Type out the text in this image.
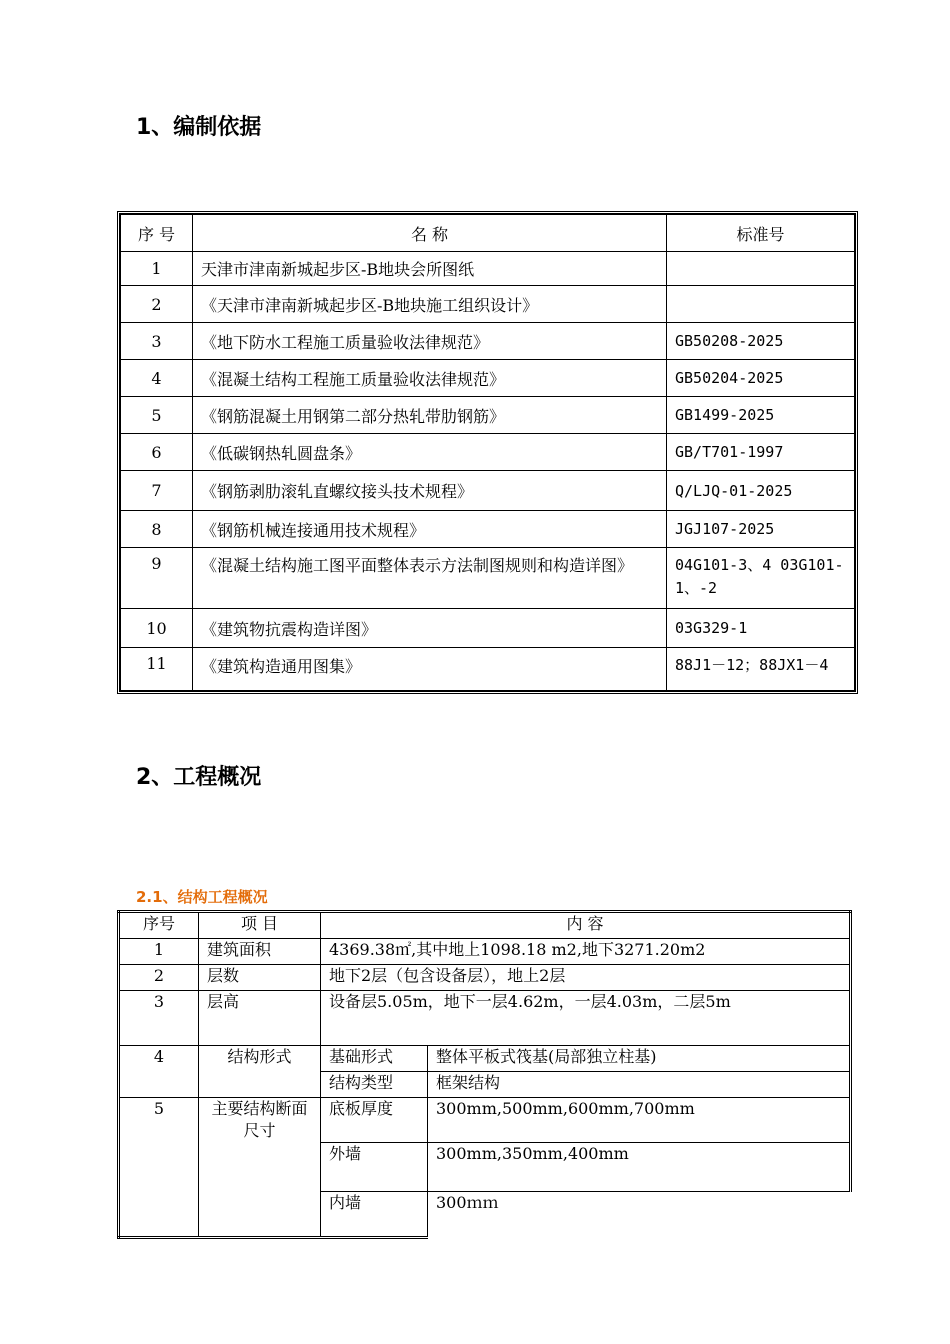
1、编制依据
序 号	名 称	标准号
1	天津市津南新城起步区-B地块会所图纸	
2	《天津市津南新城起步区-B地块施工组织设计》	
3	《地下防水工程施工质量验收法律规范》	GB50208-2025
4	《混凝土结构工程施工质量验收法律规范》	GB50204-2025
5	《钢筋混凝土用钢第二部分热轧带肋钢筋》	GB1499-2025
6	《低碳钢热轧圆盘条》	GB/T701-1997
7	《钢筋剥肋滚轧直螺纹接头技术规程》	Q/LJQ-01-2025
8	《钢筋机械连接通用技术规程》	JGJ107-2025
9	《混凝土结构施工图平面整体表示方法制图规则和构造详图》	04G101-3、4 03G101-1、-2
10	《建筑物抗震构造详图》	03G329-1
11	《建筑构造通用图集》	88J1－12；88JX1－4
2、工程概况
2.1、结构工程概况
序号	项 目	内 容	
1	建筑面积	4369.38㎡,其中地上1098.18 m2,地下3271.20m2	
2	层数	地下2层（包含设备层），地上2层	
3	层高	设备层5.05m，地下一层4.62m，一层4.03m，二层5m	
4	结构形式	基础形式	整体平板式筏基(局部独立柱基)
		结构类型	框架结构
5	主要结构断面尺寸	底板厚度	300mm,500mm,600mm,700mm
		外墙	300mm,350mm,400mm
		内墙	300ｍｍ
